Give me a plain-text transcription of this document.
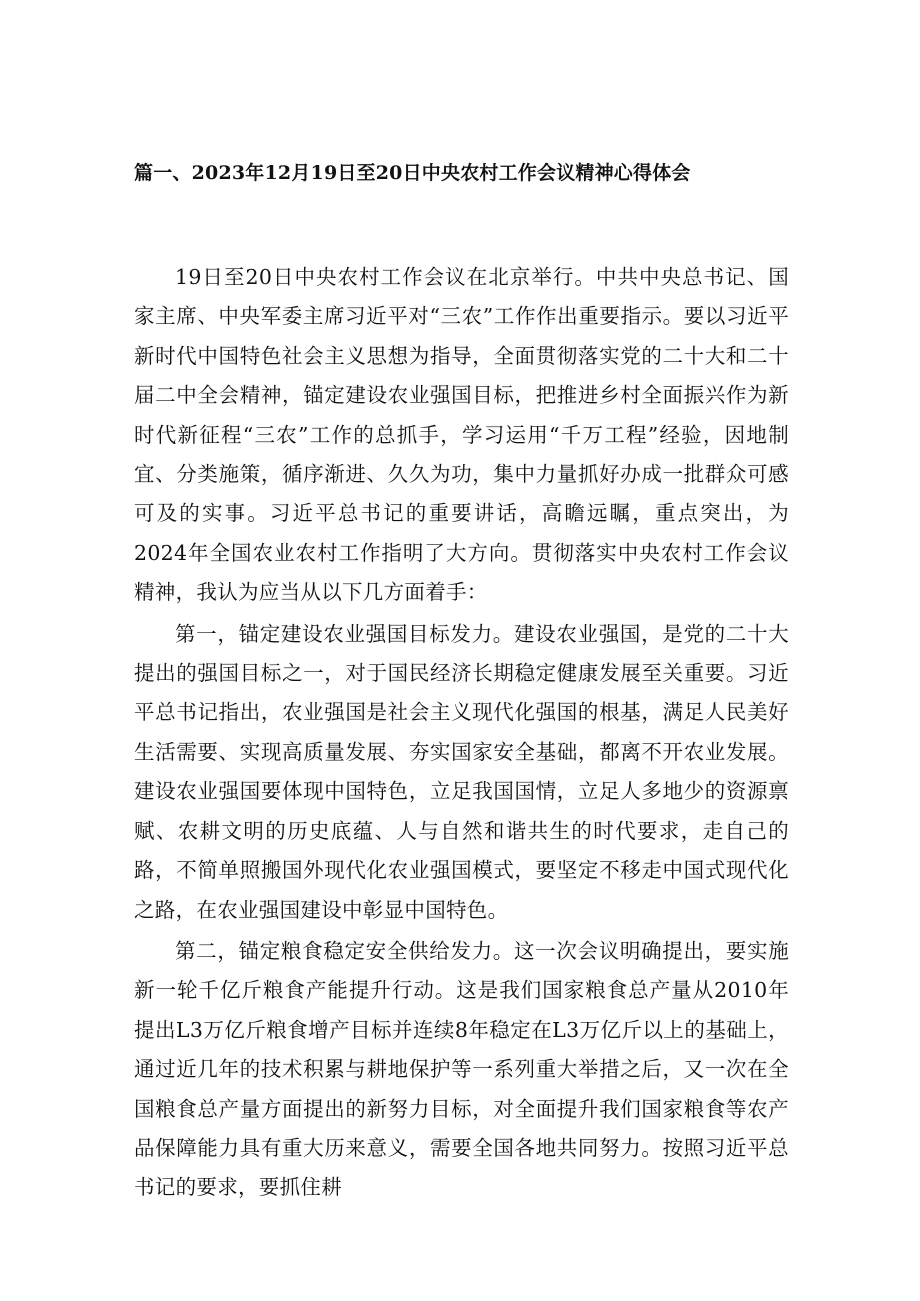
篇一、2023年12月19日至20日中央农村工作会议精神心得体会

19日至20日中央农村工作会议在北京举行。中共中央总书记、国家主席、中央军委主席习近平对“三农”工作作出重要指示。要以习近平新时代中国特色社会主义思想为指导，全面贯彻落实党的二十大和二十届二中全会精神，锚定建设农业强国目标，把推进乡村全面振兴作为新时代新征程“三农”工作的总抓手，学习运用“千万工程”经验，因地制宜、分类施策，循序渐进、久久为功，集中力量抓好办成一批群众可感可及的实事。习近平总书记的重要讲话，高瞻远瞩，重点突出，为2024年全国农业农村工作指明了大方向。贯彻落实中央农村工作会议精神，我认为应当从以下几方面着手：

第一，锚定建设农业强国目标发力。建设农业强国，是党的二十大提出的强国目标之一，对于国民经济长期稳定健康发展至关重要。习近平总书记指出，农业强国是社会主义现代化强国的根基，满足人民美好生活需要、实现高质量发展、夯实国家安全基础，都离不开农业发展。建设农业强国要体现中国特色，立足我国国情，立足人多地少的资源禀赋、农耕文明的历史底蕴、人与自然和谐共生的时代要求，走自己的路，不简单照搬国外现代化农业强国模式，要坚定不移走中国式现代化之路，在农业强国建设中彰显中国特色。

第二，锚定粮食稳定安全供给发力。这一次会议明确提出，要实施新一轮千亿斤粮食产能提升行动。这是我们国家粮食总产量从2010年提出L3万亿斤粮食增产目标并连续8年稳定在L3万亿斤以上的基础上，通过近几年的技术积累与耕地保护等一系列重大举措之后，又一次在全国粮食总产量方面提出的新努力目标，对全面提升我们国家粮食等农产品保障能力具有重大历来意义，需要全国各地共同努力。按照习近平总书记的要求，要抓住耕
